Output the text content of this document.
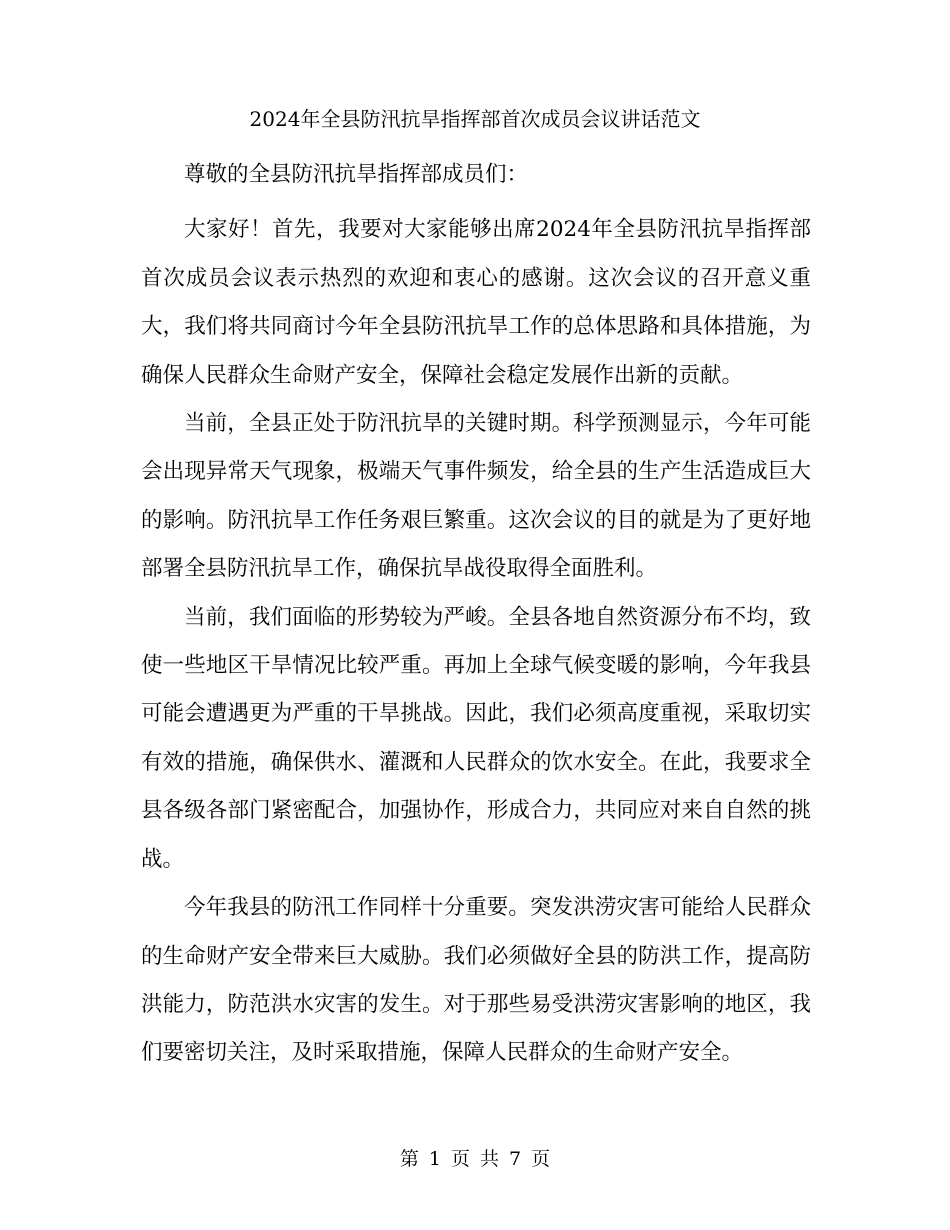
2024年全县防汛抗旱指挥部首次成员会议讲话范文

尊敬的全县防汛抗旱指挥部成员们：

大家好！首先，我要对大家能够出席2024年全县防汛抗旱指挥部首次成员会议表示热烈的欢迎和衷心的感谢。这次会议的召开意义重大，我们将共同商讨今年全县防汛抗旱工作的总体思路和具体措施，为确保人民群众生命财产安全，保障社会稳定发展作出新的贡献。

当前，全县正处于防汛抗旱的关键时期。科学预测显示，今年可能会出现异常天气现象，极端天气事件频发，给全县的生产生活造成巨大的影响。防汛抗旱工作任务艰巨繁重。这次会议的目的就是为了更好地部署全县防汛抗旱工作，确保抗旱战役取得全面胜利。

当前，我们面临的形势较为严峻。全县各地自然资源分布不均，致使一些地区干旱情况比较严重。再加上全球气候变暖的影响，今年我县可能会遭遇更为严重的干旱挑战。因此，我们必须高度重视，采取切实有效的措施，确保供水、灌溉和人民群众的饮水安全。在此，我要求全县各级各部门紧密配合，加强协作，形成合力，共同应对来自自然的挑战。

今年我县的防汛工作同样十分重要。突发洪涝灾害可能给人民群众的生命财产安全带来巨大威胁。我们必须做好全县的防洪工作，提高防洪能力，防范洪水灾害的发生。对于那些易受洪涝灾害影响的地区，我们要密切关注，及时采取措施，保障人民群众的生命财产安全。

第 1 页 共 7 页
